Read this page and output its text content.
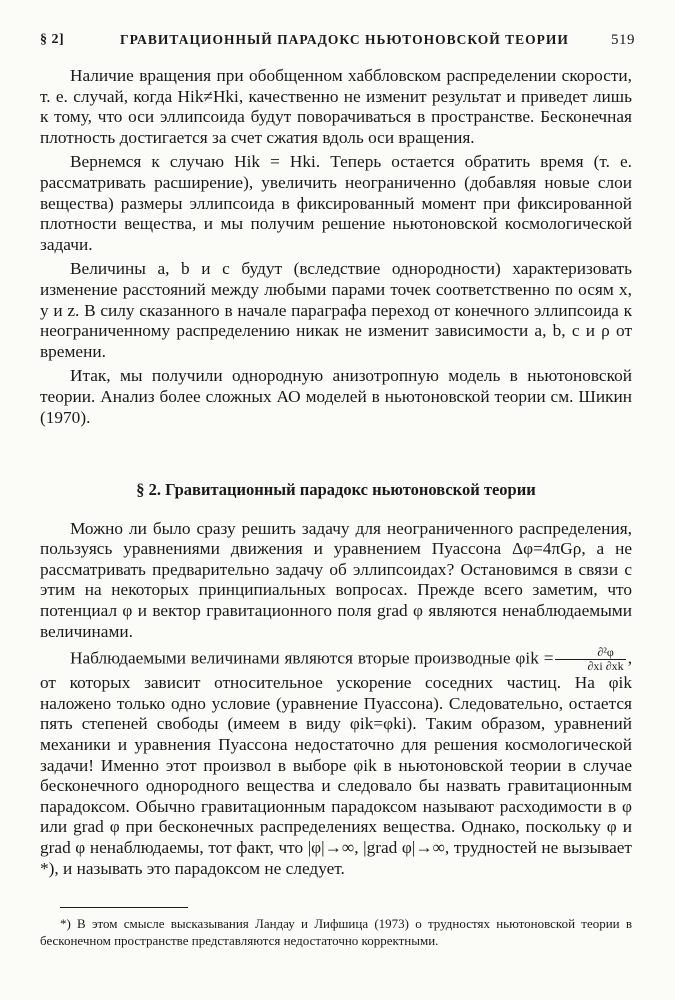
§ 2]	ГРАВИТАЦИОННЫЙ ПАРАДОКС НЬЮТОНОВСКОЙ ТЕОРИИ	519

Наличие вращения при обобщенном хаббловском распределении скорости, т. е. случай, когда Hik≠Hki, качественно не изменит результат и приведет лишь к тому, что оси эллипсоида будут поворачиваться в пространстве. Бесконечная плотность достигается за счет сжатия вдоль оси вращения.

Вернемся к случаю Hik = Hki. Теперь остается обратить время (т. е. рассматривать расширение), увеличить неограниченно (добавляя новые слои вещества) размеры эллипсоида в фиксированный момент при фиксированной плотности вещества, и мы получим решение ньютоновской космологической задачи.

Величины a, b и c будут (вследствие однородности) характеризовать изменение расстояний между любыми парами точек соответственно по осям x, y и z. В силу сказанного в начале параграфа переход от конечного эллипсоида к неограниченному распределению никак не изменит зависимости a, b, c и ρ от времени.

Итак, мы получили однородную анизотропную модель в ньютоновской теории. Анализ более сложных АО моделей в ньютоновской теории см. Шикин (1970).

§ 2. Гравитационный парадокс ньютоновской теории

Можно ли было сразу решить задачу для неограниченного распределения, пользуясь уравнениями движения и уравнением Пуассона Δφ=4πGρ, а не рассматривать предварительно задачу об эллипсоидах? Остановимся в связи с этим на некоторых принципиальных вопросах. Прежде всего заметим, что потенциал φ и вектор гравитационного поля grad φ являются ненаблюдаемыми величинами.

Наблюдаемыми величинами являются вторые производные $\varphi ik = \frac{\text{∂²φ}}{\partial xi \partial xk}$ , от которых зависит относительное ускорение соседних частиц. На φik наложено только одно условие (уравнение Пуассона). Следовательно, остается пять степеней свободы (имеем в виду φik=φki). Таким образом, уравнений механики и уравнения Пуассона недостаточно для решения космологической задачи! Именно этот произвол в выборе φik в ньютоновской теории в случае бесконечного однородного вещества и следовало бы назвать гравитационным парадоксом. Обычно гравитационным парадоксом называют расходимости в φ или grad φ при бесконечных распределениях вещества. Однако, поскольку φ и grad φ ненаблюдаемы, тот факт, что |φ|→∞, |grad φ|→∞, трудностей не вызывает *), и называть это парадоксом не следует.

*) В этом смысле высказывания Ландау и Лифшица (1973) о трудностях ньютоновской теории в бесконечном пространстве представляются недостаточно корректными.
